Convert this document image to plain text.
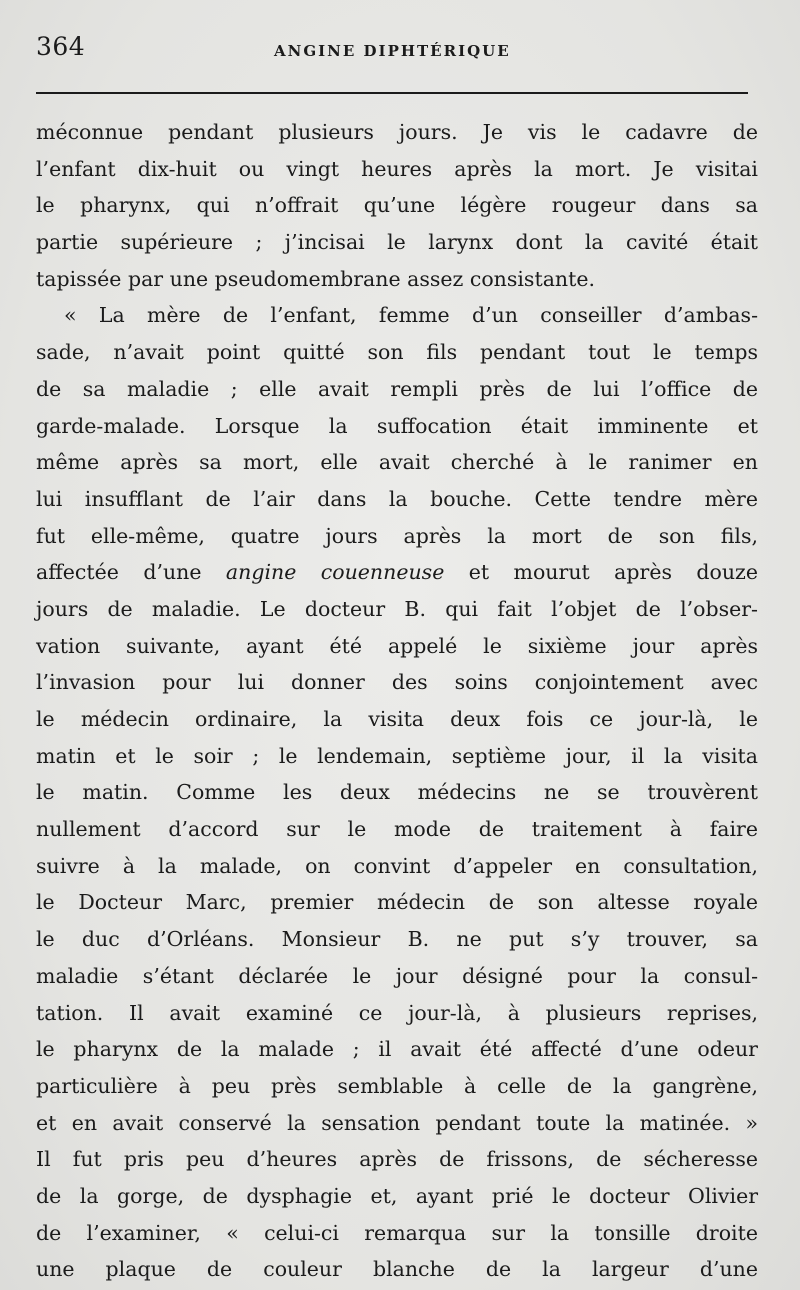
364	ANGINE DIPHTÉRIQUE
méconnue pendant plusieurs jours. Je vis le cadavre de
l’enfant dix-huit ou vingt heures après la mort. Je visitai
le pharynx, qui n’offrait qu’une légère rougeur dans sa
partie supérieure ; j’incisai le larynx dont la cavité était
tapissée par une pseudomembrane assez consistante.
« La mère de l’enfant, femme d’un conseiller d’ambas-
sade, n’avait point quitté son fils pendant tout le temps
de sa maladie ; elle avait rempli près de lui l’office de
garde-malade. Lorsque la suffocation était imminente et
même après sa mort, elle avait cherché à le ranimer en
lui insufflant de l’air dans la bouche. Cette tendre mère
fut elle-même, quatre jours après la mort de son fils,
affectée d’une angine couenneuse et mourut après douze
jours de maladie. Le docteur B. qui fait l’objet de l’obser-
vation suivante, ayant été appelé le sixième jour après
l’invasion pour lui donner des soins conjointement avec
le médecin ordinaire, la visita deux fois ce jour-là, le
matin et le soir ; le lendemain, septième jour, il la visita
le matin. Comme les deux médecins ne se trouvèrent
nullement d’accord sur le mode de traitement à faire
suivre à la malade, on convint d’appeler en consultation,
le Docteur Marc, premier médecin de son altesse royale
le duc d’Orléans. Monsieur B. ne put s’y trouver, sa
maladie s’étant déclarée le jour désigné pour la consul-
tation. Il avait examiné ce jour-là, à plusieurs reprises,
le pharynx de la malade ; il avait été affecté d’une odeur
particulière à peu près semblable à celle de la gangrène,
et en avait conservé la sensation pendant toute la matinée. »
Il fut pris peu d’heures après de frissons, de sécheresse
de la gorge, de dysphagie et, ayant prié le docteur Olivier
de l’examiner, « celui-ci remarqua sur la tonsille droite
une plaque de couleur blanche de la largeur d’une
